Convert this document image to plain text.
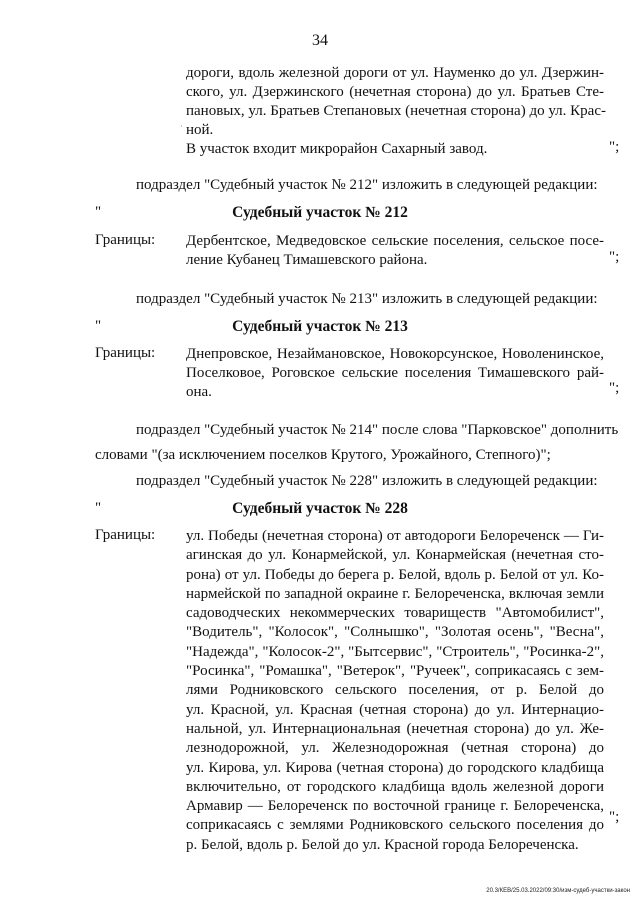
34
дороги, вдоль железной дороги от ул. Науменко до ул. Дзержин-
ского, ул. Дзержинского (нечетная сторона) до ул. Братьев Сте-
пановых, ул. Братьев Степановых (нечетная сторона) до ул. Крас-
ной.
В участок входит микрорайон Сахарный завод.
·
";
подраздел "Судебный участок № 212" изложить в следующей редакции:
"	Судебный участок № 212
Границы: Дербентское, Медведовское сельские поселения, сельское посе-
ление Кубанец Тимашевского района.	";
подраздел "Судебный участок № 213" изложить в следующей редакции:
"	Судебный участок № 213
Границы: Днепровское, Незаймановское, Новокорсунское, Новоленинское,
Поселковое, Роговское сельские поселения Тимашевского рай-
она.	";
подраздел "Судебный участок № 214" после слова "Парковское" дополнить
словами "(за исключением поселков Крутого, Урожайного, Степного)";
подраздел "Судебный участок № 228" изложить в следующей редакции:
"	Судебный участок № 228
Границы: ул. Победы (нечетная сторона) от автодороги Белореченск — Ги-
агинская до ул. Конармейской, ул. Конармейская (нечетная сто-
рона) от ул. Победы до берега р. Белой, вдоль р. Белой от ул. Ко-
нармейской по западной окраине г. Белореченска, включая земли
садоводческих некоммерческих товариществ "Автомобилист",
"Водитель", "Колосок", "Солнышко", "Золотая осень", "Весна",
"Надежда", "Колосок-2", "Бытсервис", "Строитель", "Росинка-2",
"Росинка", "Ромашка", "Ветерок", "Ручеек", соприкасаясь с зем-
лями Родниковского сельского поселения, от р. Белой до
ул. Красной, ул. Красная (четная сторона) до ул. Интернацио-
нальной, ул. Интернациональная (нечетная сторона) до ул. Же-
лезнодорожной, ул. Железнодорожная (четная сторона) до
ул. Кирова, ул. Кирова (четная сторона) до городского кладбища
включительно, от городского кладбища вдоль железной дороги
Армавир — Белореченск по восточной границе г. Белореченска,
соприкасаясь с землями Родниковского сельского поселения до
р. Белой, вдоль р. Белой до ул. Красной города Белореченска.
";
20.3/КЕВ/25.03.2022/09:30/изм-судеб-участки-закон
